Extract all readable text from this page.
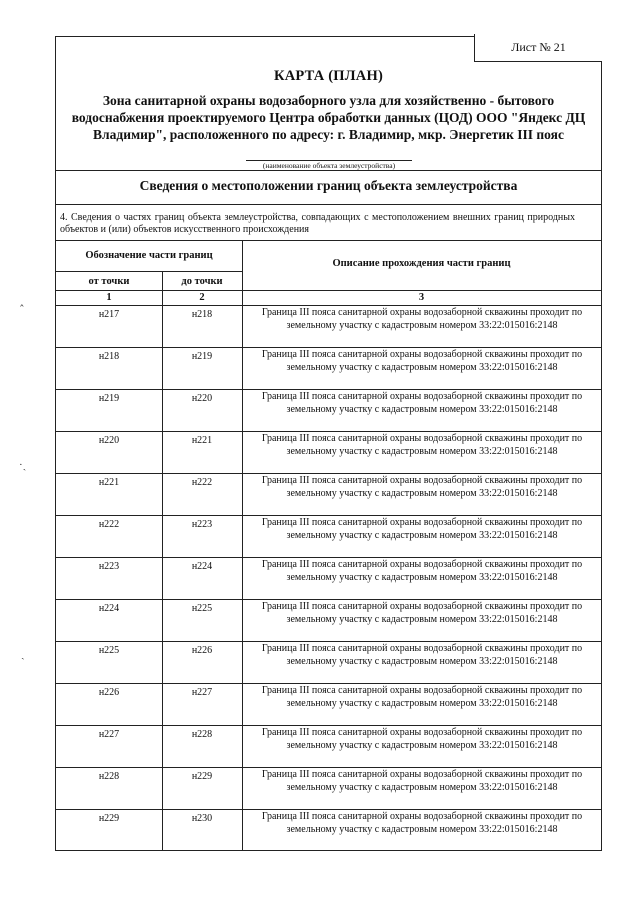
Лист № 21
‸
·ˏ
ˏ
КАРТА (ПЛАН)
Зона санитарной охраны водозаборного узла для хозяйственно - бытового водоснабжения проектируемого Центра обработки данных (ЦОД) ООО "Яндекс ДЦ Владимир", расположенного по адресу: г. Владимир, мкр. Энергетик III пояс
(наименование объекта землеустройства)
Сведения о местоположении границ объекта землеустройства
4. Сведения о частях границ объекта землеустройства, совпадающих с местоположением внешних границ природных объектов и (или) объектов искусственного происхождения
Обозначение части границ
от точки	до точки
Описание прохождения части границ
1	2	3
н217	н218	Граница III пояса санитарной охраны водозаборной скважины проходит по земельному участку с кадастровым номером 33:22:015016:2148
н218	н219	Граница III пояса санитарной охраны водозаборной скважины проходит по земельному участку с кадастровым номером 33:22:015016:2148
н219	н220	Граница III пояса санитарной охраны водозаборной скважины проходит по земельному участку с кадастровым номером 33:22:015016:2148
н220	н221	Граница III пояса санитарной охраны водозаборной скважины проходит по земельному участку с кадастровым номером 33:22:015016:2148
н221	н222	Граница III пояса санитарной охраны водозаборной скважины проходит по земельному участку с кадастровым номером 33:22:015016:2148
н222	н223	Граница III пояса санитарной охраны водозаборной скважины проходит по земельному участку с кадастровым номером 33:22:015016:2148
н223	н224	Граница III пояса санитарной охраны водозаборной скважины проходит по земельному участку с кадастровым номером 33:22:015016:2148
н224	н225	Граница III пояса санитарной охраны водозаборной скважины проходит по земельному участку с кадастровым номером 33:22:015016:2148
н225	н226	Граница III пояса санитарной охраны водозаборной скважины проходит по земельному участку с кадастровым номером 33:22:015016:2148
н226	н227	Граница III пояса санитарной охраны водозаборной скважины проходит по земельному участку с кадастровым номером 33:22:015016:2148
н227	н228	Граница III пояса санитарной охраны водозаборной скважины проходит по земельному участку с кадастровым номером 33:22:015016:2148
н228	н229	Граница III пояса санитарной охраны водозаборной скважины проходит по земельному участку с кадастровым номером 33:22:015016:2148
н229	н230	Граница III пояса санитарной охраны водозаборной скважины проходит по земельному участку с кадастровым номером 33:22:015016:2148
